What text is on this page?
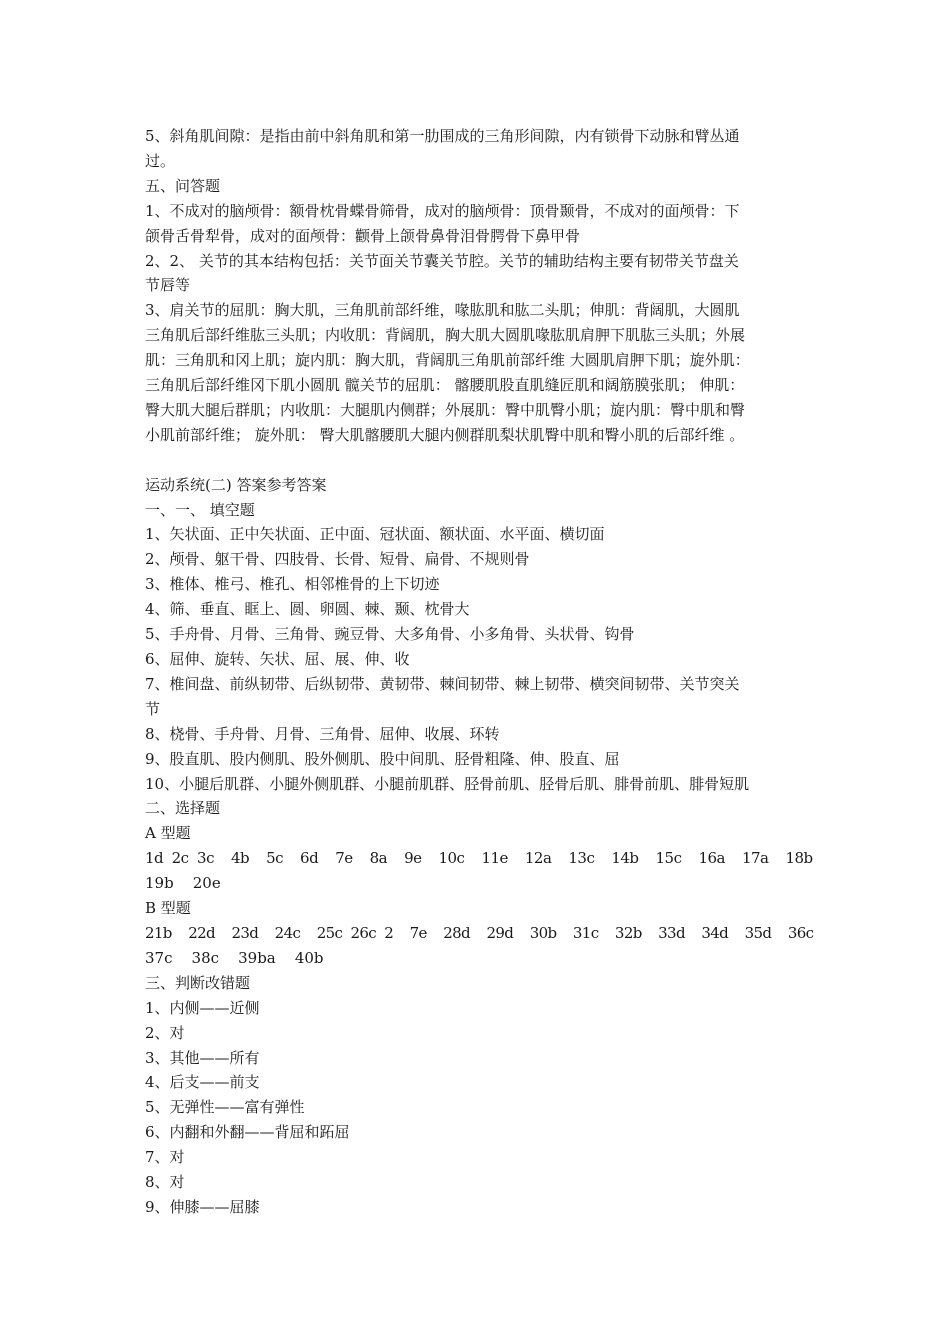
5、斜角肌间隙：是指由前中斜角肌和第一肋围成的三角形间隙，内有锁骨下动脉和臂丛通
过。
五、问答题
1、不成对的脑颅骨：额骨枕骨蝶骨筛骨，成对的脑颅骨：顶骨颞骨，不成对的面颅骨：下
颌骨舌骨犁骨，成对的面颅骨：颧骨上颌骨鼻骨泪骨腭骨下鼻甲骨
2、2、 关节的其本结构包括：关节面关节囊关节腔。关节的辅助结构主要有韧带关节盘关
节唇等
3、肩关节的屈肌：胸大肌，三角肌前部纤维，喙肱肌和肱二头肌；伸肌：背阔肌，大圆肌
三角肌后部纤维肱三头肌；内收肌：背阔肌，胸大肌大圆肌喙肱肌肩胛下肌肱三头肌；外展
肌：三角肌和冈上肌；旋内肌：胸大肌，背阔肌三角肌前部纤维 大圆肌肩胛下肌；旋外肌：
三角肌后部纤维冈下肌小圆肌 髋关节的屈肌： 髂腰肌股直肌缝匠肌和阔筋膜张肌； 伸肌：
臀大肌大腿后群肌；内收肌：大腿肌内侧群；外展肌：臀中肌臀小肌；旋内肌：臀中肌和臀
小肌前部纤维； 旋外肌： 臀大肌髂腰肌大腿内侧群肌梨状肌臀中肌和臀小肌的后部纤维 。
运动系统(二) 答案参考答案
一、一、 填空题
1、矢状面、正中矢状面、正中面、冠状面、额状面、水平面、横切面
2、颅骨、躯干骨、四肢骨、长骨、短骨、扁骨、不规则骨
3、椎体、椎弓、椎孔、相邻椎骨的上下切迹
4、筛、垂直、眶上、圆、卵圆、棘、颞、枕骨大
5、手舟骨、月骨、三角骨、豌豆骨、大多角骨、小多角骨、头状骨、钩骨
6、屈伸、旋转、矢状、屈、展、伸、收
7、椎间盘、前纵韧带、后纵韧带、黄韧带、棘间韧带、棘上韧带、横突间韧带、关节突关
节
8、桡骨、手舟骨、月骨、三角骨、屈伸、收展、环转
9、股直肌、股内侧肌、股外侧肌、股中间肌、胫骨粗隆、伸、股直、屈
10、小腿后肌群、小腿外侧肌群、小腿前肌群、胫骨前肌、胫骨后肌、腓骨前肌、腓骨短肌
二、选择题
A 型题
1d  2c  3c    4b    5c    6d    7e    8a    9e    10c    11e    12a    13c    14b    15c    16a    17a    18b
19b    20e
B 型题
21b    22d    23d    24c    25c  26c  2    7e    28d    29d    30b    31c    32b    33d    34d    35d    36c
37c    38c    39ba    40b
三、判断改错题
1、内侧——近侧
2、对
3、其他——所有
4、后支——前支
5、无弹性——富有弹性
6、内翻和外翻——背屈和跖屈
7、对
8、对
9、伸膝——屈膝
